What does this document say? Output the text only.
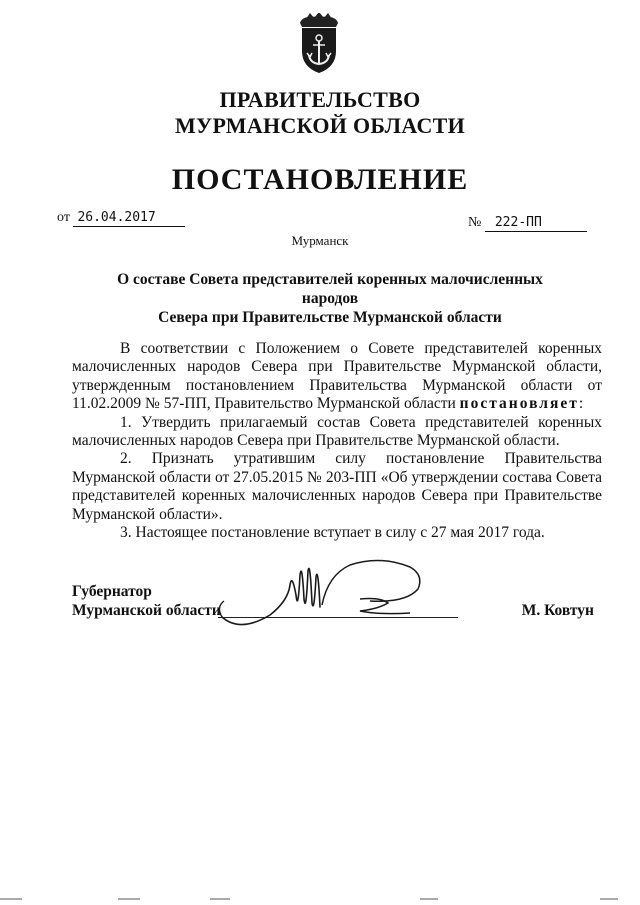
ПРАВИТЕЛЬСТВО
МУРМАНСКОЙ ОБЛАСТИ
ПОСТАНОВЛЕНИЕ
от 26.04.2017	№ 222-ПП
Мурманск
О составе Совета представителей коренных малочисленных народов
Севера при Правительстве Мурманской области

В соответствии с Положением о Совете представителей коренных малочисленных народов Севера при Правительстве Мурманской области, утвержденным постановлением Правительства Мурманской области от 11.02.2009 № 57-ПП, Правительство Мурманской области постановляет:

1. Утвердить прилагаемый состав Совета представителей коренных малочисленных народов Севера при Правительстве Мурманской области.

2. Признать утратившим силу постановление Правительства Мурманской области от 27.05.2015 № 203-ПП «Об утверждении состава Совета представителей коренных малочисленных народов Севера при Правительстве Мурманской области».

3. Настоящее постановление вступает в силу с 27 мая 2017 года.

Губернатор
Мурманской области	М. Ковтун
